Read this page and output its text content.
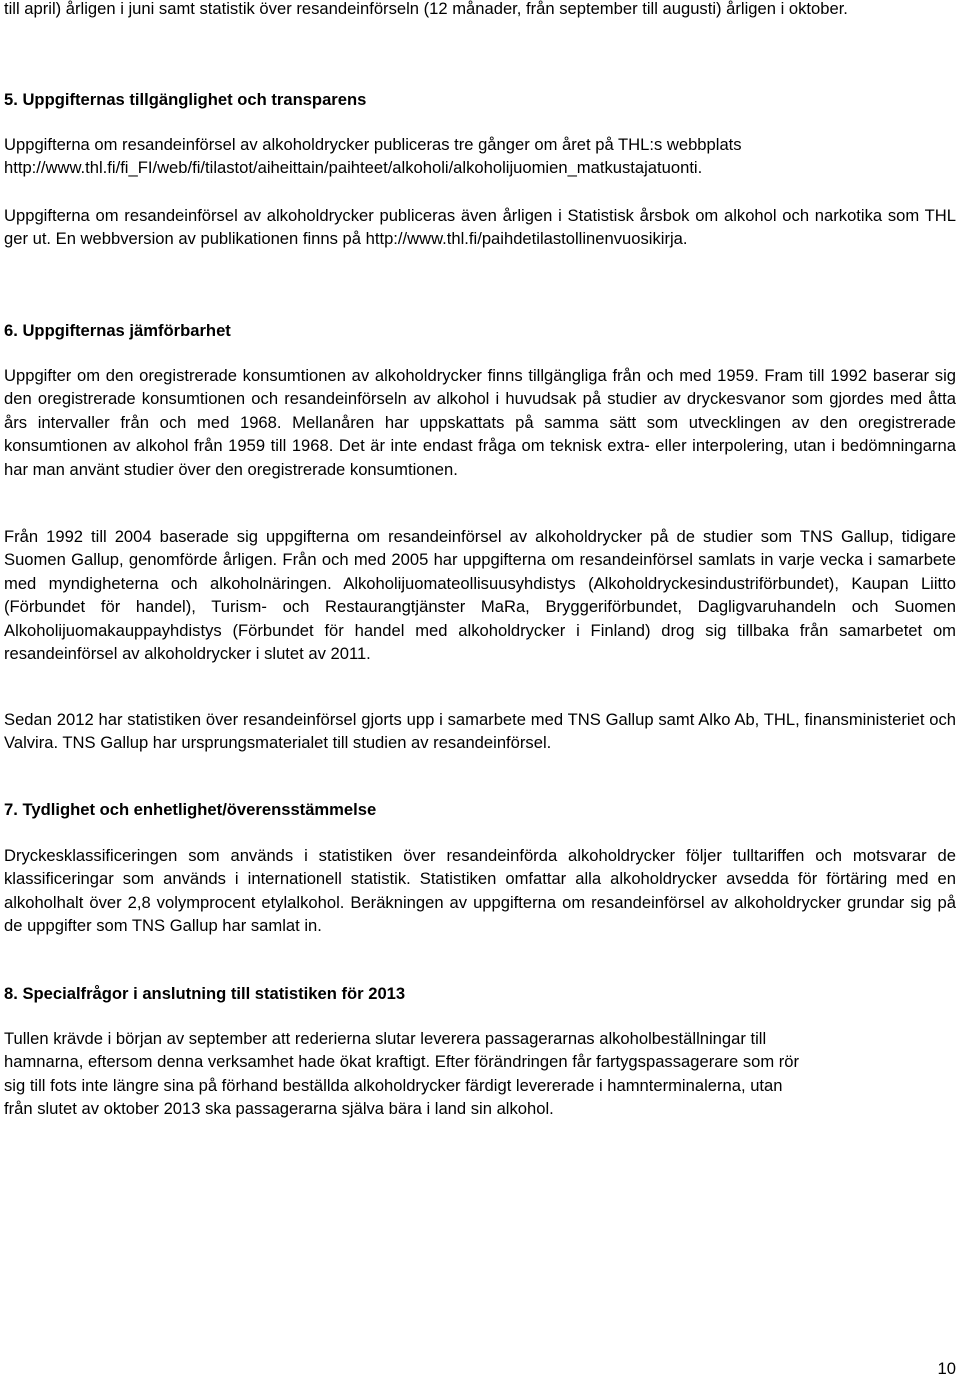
till april) årligen i juni samt statistik över resandeinförseln (12 månader, från september till augusti) årligen i oktober.

5. Uppgifternas tillgänglighet och transparens

Uppgifterna om resandeinförsel av alkoholdrycker publiceras tre gånger om året på THL:s webbplats
http://www.thl.fi/fi_FI/web/fi/tilastot/aiheittain/paihteet/alkoholi/alkoholijuomien_matkustajatuonti.

Uppgifterna om resandeinförsel av alkoholdrycker publiceras även årligen i Statistisk årsbok om alkohol och narkotika som THL ger ut. En webbversion av publikationen finns på http://www.thl.fi/paihdetilastollinenvuosikirja.

6. Uppgifternas jämförbarhet

Uppgifter om den oregistrerade konsumtionen av alkoholdrycker finns tillgängliga från och med 1959. Fram till 1992 baserar sig den oregistrerade konsumtionen och resandeinförseln av alkohol i huvudsak på studier av dryckesvanor som gjordes med åtta års intervaller från och med 1968. Mellanåren har uppskattats på samma sätt som utvecklingen av den oregistrerade konsumtionen av alkohol från 1959 till 1968. Det är inte endast fråga om teknisk extra- eller interpolering, utan i bedömningarna har man använt studier över den oregistrerade konsumtionen.

Från 1992 till 2004 baserade sig uppgifterna om resandeinförsel av alkoholdrycker på de studier som TNS Gallup, tidigare Suomen Gallup, genomförde årligen. Från och med 2005 har uppgifterna om resandeinförsel samlats in varje vecka i samarbete med myndigheterna och alkoholnäringen. Alkoholijuomateollisuusyhdistys (Alkoholdryckesindustriförbundet), Kaupan Liitto (Förbundet för handel), Turism- och Restaurangtjänster MaRa, Bryggeriförbundet, Dagligvaruhandeln och Suomen Alkoholijuomakauppayhdistys (Förbundet för handel med alkoholdrycker i Finland) drog sig tillbaka från samarbetet om resandeinförsel av alkoholdrycker i slutet av 2011.

Sedan 2012 har statistiken över resandeinförsel gjorts upp i samarbete med TNS Gallup samt Alko Ab, THL, finansministeriet och Valvira. TNS Gallup har ursprungsmaterialet till studien av resandeinförsel.

7. Tydlighet och enhetlighet/överensstämmelse

Dryckesklassificeringen som används i statistiken över resandeinförda alkoholdrycker följer tulltariffen och motsvarar de klassificeringar som används i internationell statistik. Statistiken omfattar alla alkoholdrycker avsedda för förtäring med en alkoholhalt över 2,8 volymprocent etylalkohol. Beräkningen av uppgifterna om resandeinförsel av alkoholdrycker grundar sig på de uppgifter som TNS Gallup har samlat in.

8. Specialfrågor i anslutning till statistiken för 2013

Tullen krävde i början av september att rederierna slutar leverera passagerarnas alkoholbeställningar till
hamnarna, eftersom denna verksamhet hade ökat kraftigt. Efter förändringen får fartygspassagerare som rör
sig till fots inte längre sina på förhand beställda alkoholdrycker färdigt levererade i hamnterminalerna, utan
från slutet av oktober 2013 ska passagerarna själva bära i land sin alkohol.

10
